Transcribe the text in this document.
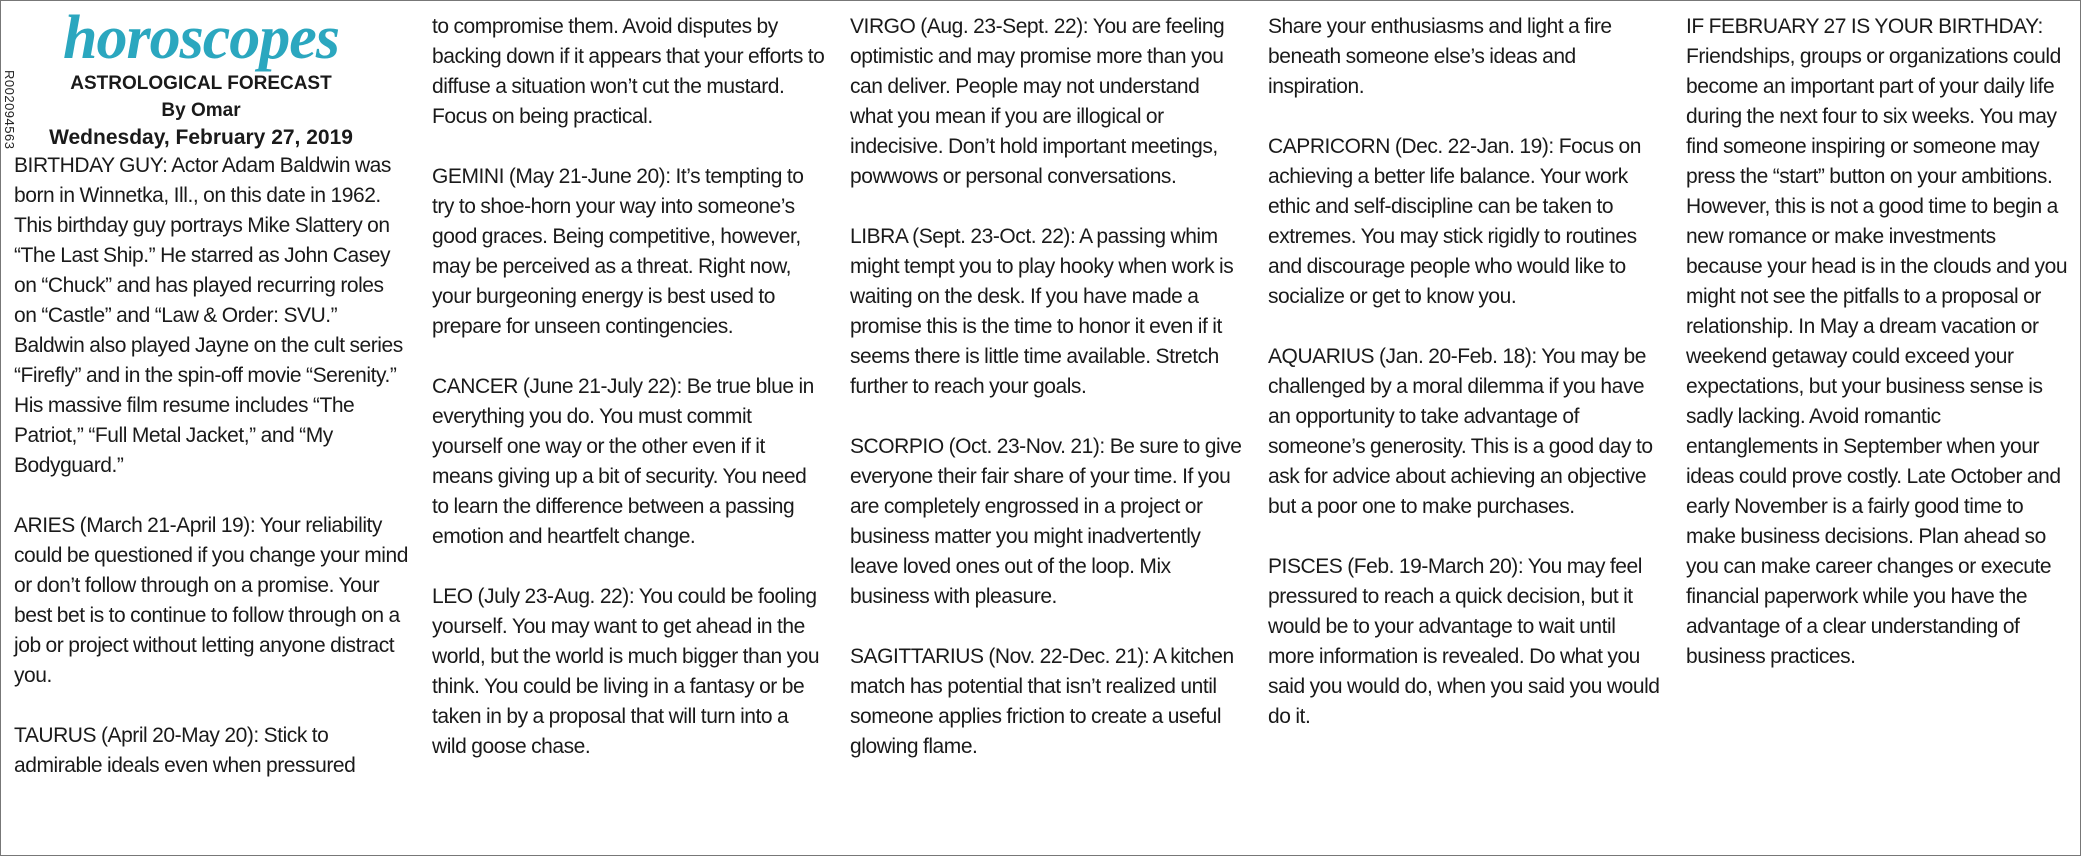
horoscopes
ASTROLOGICAL FORECAST
By Omar
Wednesday, February 27, 2019

BIRTHDAY GUY: Actor Adam Baldwin was born in Winnetka, Ill., on this date in 1962. This birthday guy portrays Mike Slattery on “The Last Ship.” He starred as John Casey on “Chuck” and has played recurring roles on “Castle” and “Law & Order: SVU.” Baldwin also played Jayne on the cult series “Firefly” and in the spin-off movie “Serenity.” His massive film resume includes “The Patriot,” “Full Metal Jacket,” and “My Bodyguard.”

ARIES (March 21-April 19): Your reliability could be questioned if you change your mind or don’t follow through on a promise. Your best bet is to continue to follow through on a job or project without letting anyone distract you.

TAURUS (April 20-May 20): Stick to admirable ideals even when pressured

R002094563

to compromise them. Avoid disputes by backing down if it appears that your efforts to diffuse a situation won’t cut the mustard. Focus on being practical.

GEMINI (May 21-June 20): It’s tempting to try to shoe-horn your way into someone’s good graces. Being competitive, however, may be perceived as a threat. Right now, your burgeoning energy is best used to prepare for unseen contingencies.

CANCER (June 21-July 22): Be true blue in everything you do. You must commit yourself one way or the other even if it means giving up a bit of security. You need to learn the difference between a passing emotion and heartfelt change.

LEO (July 23-Aug. 22): You could be fooling yourself. You may want to get ahead in the world, but the world is much bigger than you think. You could be living in a fantasy or be taken in by a proposal that will turn into a wild goose chase.

VIRGO (Aug. 23-Sept. 22): You are feeling optimistic and may promise more than you can deliver. People may not understand what you mean if you are illogical or indecisive. Don’t hold important meetings, powwows or personal conversations.

LIBRA (Sept. 23-Oct. 22): A passing whim might tempt you to play hooky when work is waiting on the desk. If you have made a promise this is the time to honor it even if it seems there is little time available. Stretch further to reach your goals.

SCORPIO (Oct. 23-Nov. 21): Be sure to give everyone their fair share of your time. If you are completely engrossed in a project or business matter you might inadvertently leave loved ones out of the loop. Mix business with pleasure.

SAGITTARIUS (Nov. 22-Dec. 21): A kitchen match has potential that isn’t realized until someone applies friction to create a useful glowing flame.

Share your enthusiasms and light a fire beneath someone else’s ideas and inspiration.

CAPRICORN (Dec. 22-Jan. 19): Focus on achieving a better life balance. Your work ethic and self-discipline can be taken to extremes. You may stick rigidly to routines and discourage people who would like to socialize or get to know you.

AQUARIUS (Jan. 20-Feb. 18): You may be challenged by a moral dilemma if you have an opportunity to take advantage of someone’s generosity. This is a good day to ask for advice about achieving an objective but a poor one to make purchases.

PISCES (Feb. 19-March 20): You may feel pressured to reach a quick decision, but it would be to your advantage to wait until more information is revealed. Do what you said you would do, when you said you would do it.

IF FEBRUARY 27 IS YOUR BIRTHDAY: Friendships, groups or organizations could become an important part of your daily life during the next four to six weeks. You may find someone inspiring or someone may press the “start” button on your ambitions. However, this is not a good time to begin a new romance or make investments because your head is in the clouds and you might not see the pitfalls to a proposal or relationship. In May a dream vacation or weekend getaway could exceed your expectations, but your business sense is sadly lacking. Avoid romantic entanglements in September when your ideas could prove costly. Late October and early November is a fairly good time to make business decisions. Plan ahead so you can make career changes or execute financial paperwork while you have the advantage of a clear understanding of business practices.
